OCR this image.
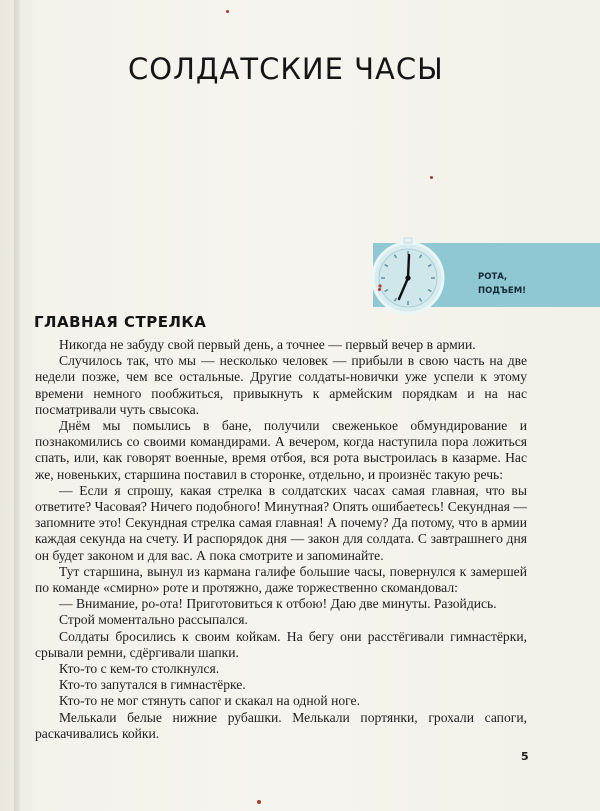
СОЛДАТСКИЕ ЧАСЫ
РОТА,
ПОДЪЕМ!
ГЛАВНАЯ СТРЕЛКА

Никогда не забуду свой первый день, а точнее — первый вечер в армии.

Случилось так, что мы — несколько человек — прибыли в свою часть на две недели позже, чем все остальные. Другие солдаты-новички уже успели к этому времени немного пообжиться, привыкнуть к армейским порядкам и на нас посматривали чуть свысока.

Днём мы помылись в бане, получили свеженькое обмундирование и познакомились со своими командирами. А вечером, когда наступила пора ложиться спать, или, как говорят военные, время отбоя, вся рота выстроилась в казарме. Нас же, новеньких, старшина поставил в сторонке, отдельно, и произнёс такую речь:

— Если я спрошу, какая стрелка в солдатских часах самая главная, что вы ответите? Часовая? Ничего подобного! Минутная? Опять ошибаетесь! Секундная — запомните это! Секундная стрелка самая главная! А почему? Да потому, что в армии каждая секунда на счету. И распорядок дня — закон для солдата. С завтрашнего дня он будет законом и для вас. А пока смотрите и запоминайте.

Тут старшина, вынул из кармана галифе большие часы, повернулся к замершей по команде «смирно» роте и протяжно, даже торжественно скомандовал:

— Внимание, ро-ота! Приготовиться к отбою! Даю две минуты. Разойдись.

Строй моментально рассыпался.

Солдаты бросились к своим койкам. На бегу они расстёгивали гимнастёрки, срывали ремни, сдёргивали шапки.

Кто-то с кем-то столкнулся.

Кто-то запутался в гимнастёрке.

Кто-то не мог стянуть сапог и скакал на одной ноге.

Мелькали белые нижние рубашки. Мелькали портянки, грохали сапоги, раскачивались койки.

5
